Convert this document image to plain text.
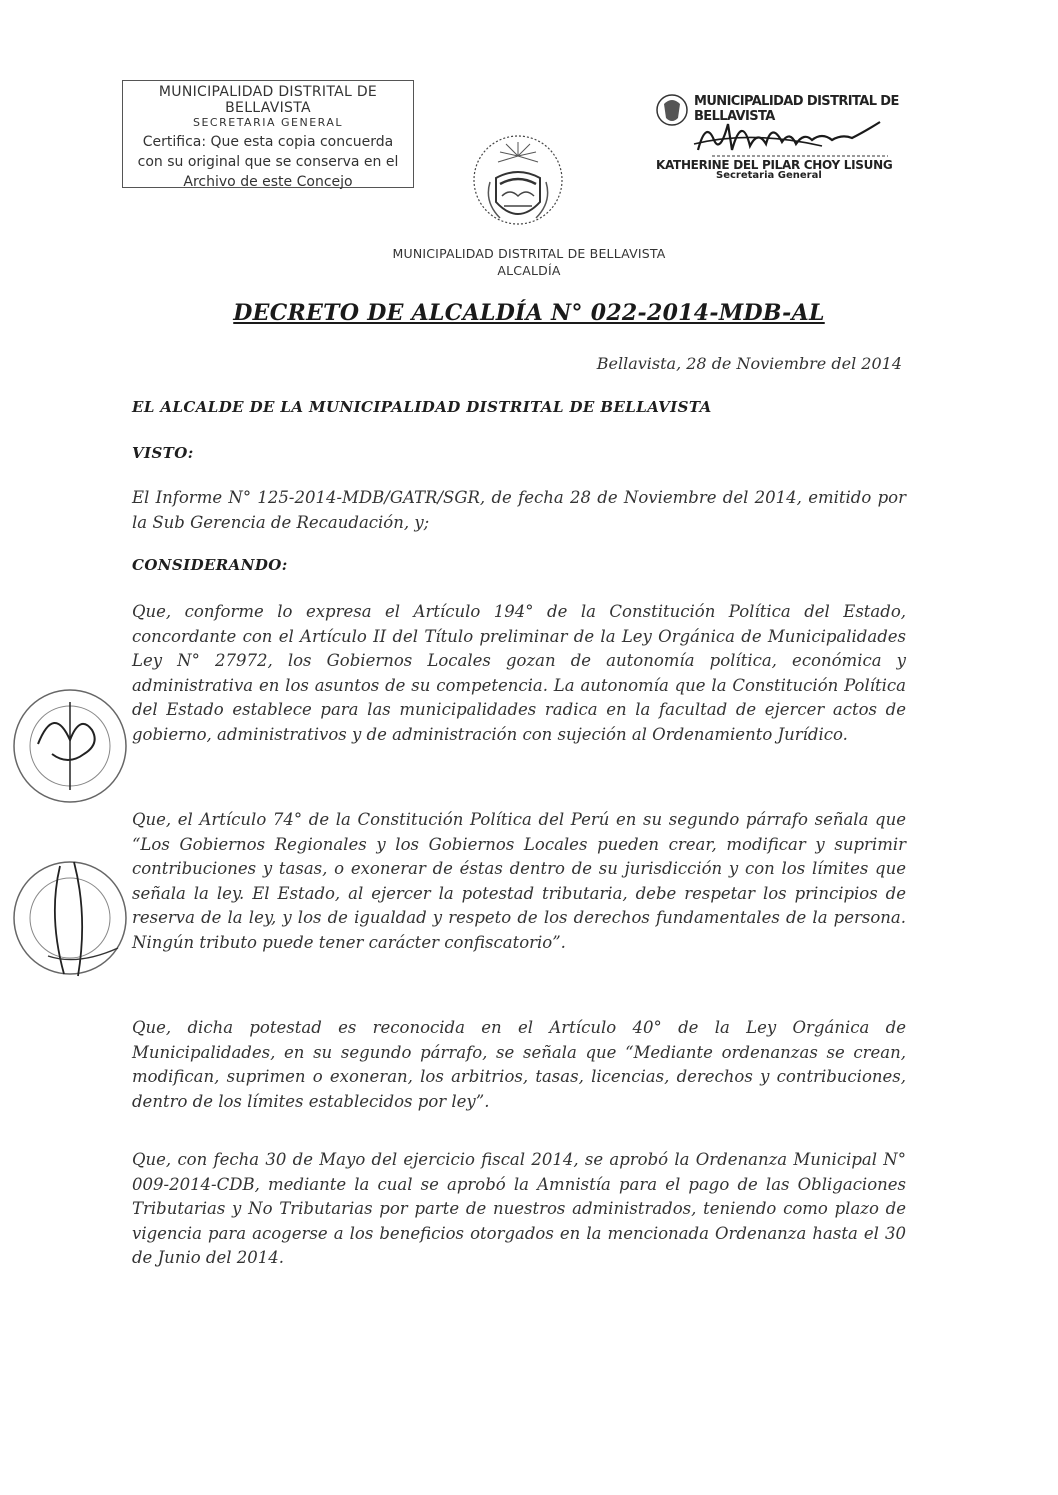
MUNICIPALIDAD DISTRITAL DE BELLAVISTA
SECRETARIA GENERAL
Certifica: Que esta copia concuerda
con su original que se conserva en el
Archivo de este Concejo
MUNICIPALIDAD DISTRITAL DE BELLAVISTA
KATHERINE DEL PILAR CHOY LISUNG
Secretaria General
MUNICIPALIDAD DISTRITAL DE BELLAVISTA
ALCALDÍA
DECRETO DE ALCALDÍA N° 022-2014-MDB-AL
Bellavista, 28 de Noviembre del 2014
EL ALCALDE DE LA MUNICIPALIDAD DISTRITAL DE BELLAVISTA
VISTO:

El Informe N° 125-2014-MDB/GATR/SGR, de fecha 28 de Noviembre del 2014, emitido por la Sub Gerencia de Recaudación, y;

CONSIDERANDO:

Que, conforme lo expresa el Artículo 194° de la Constitución Política del Estado, concordante con el Artículo II del Título preliminar de la Ley Orgánica de Municipalidades Ley N° 27972, los Gobiernos Locales gozan de autonomía política, económica y administrativa en los asuntos de su competencia. La autonomía que la Constitución Política del Estado establece para las municipalidades radica en la facultad de ejercer actos de gobierno, administrativos y de administración con sujeción al Ordenamiento Jurídico.

Que, el Artículo 74° de la Constitución Política del Perú en su segundo párrafo señala que “Los Gobiernos Regionales y los Gobiernos Locales pueden crear, modificar y suprimir contribuciones y tasas, o exonerar de éstas dentro de su jurisdicción y con los límites que señala la ley. El Estado, al ejercer la potestad tributaria, debe respetar los principios de reserva de la ley, y los de igualdad y respeto de los derechos fundamentales de la persona. Ningún tributo puede tener carácter confiscatorio”.

Que, dicha potestad es reconocida en el Artículo 40° de la Ley Orgánica de Municipalidades, en su segundo párrafo, se señala que “Mediante ordenanzas se crean, modifican, suprimen o exoneran, los arbitrios, tasas, licencias, derechos y contribuciones, dentro de los límites establecidos por ley”.

Que, con fecha 30 de Mayo del ejercicio fiscal 2014, se aprobó la Ordenanza Municipal N° 009-2014-CDB, mediante la cual se aprobó la Amnistía para el pago de las Obligaciones Tributarias y No Tributarias por parte de nuestros administrados, teniendo como plazo de vigencia para acogerse a los beneficios otorgados en la mencionada Ordenanza hasta el 30 de Junio del 2014.
